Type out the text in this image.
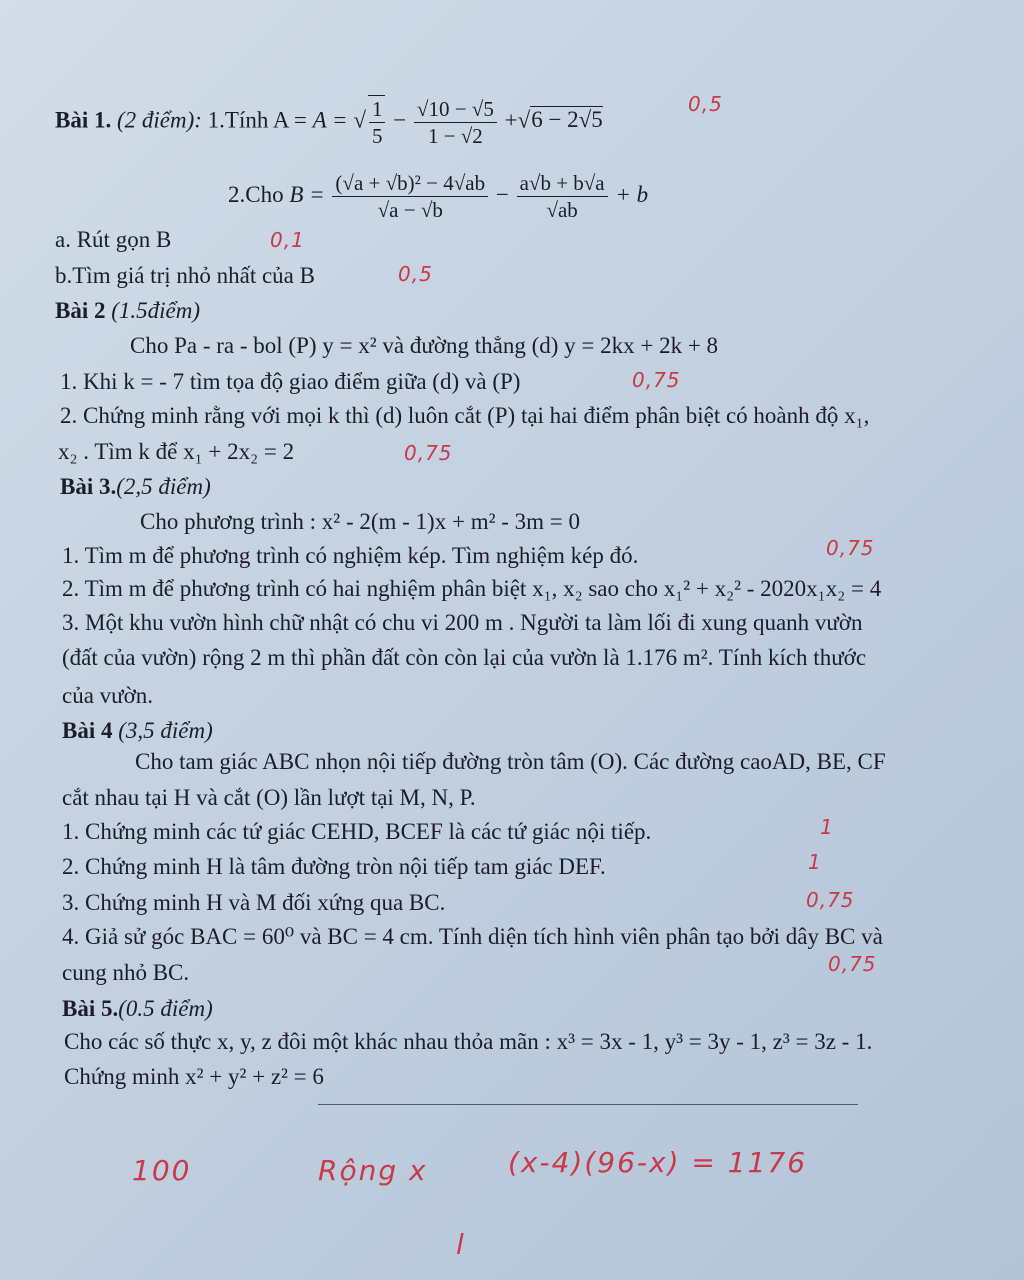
Bài 1. (2 điểm): 1.Tính A = A = √ $\frac{1}{5} - \frac{√10 - √5}{1 - √2} +√6 - 2√5$
2.Cho $B = \frac{\text{(√a + √b)² − 4√ab}}{√a - √b} - \frac{a√b + b√a}{√ab} + b$
a. Rút gọn B
b.Tìm giá trị nhỏ nhất của B
Bài 2 (1.5điểm)
Cho Pa - ra - bol (P) y = x² và đường thẳng (d) y = 2kx + 2k + 8
1. Khi k = - 7 tìm tọa độ giao điểm giữa (d) và (P)
2. Chứng minh rằng với mọi k thì (d) luôn cắt (P) tại hai điểm phân biệt có hoành độ x₁,
x₂ . Tìm k để x₁ + 2x₂ = 2
Bài 3.(2,5 điểm)
Cho phương trình : x² - 2(m - 1)x + m² - 3m = 0
1. Tìm m để phương trình có nghiệm kép. Tìm nghiệm kép đó.
2. Tìm m để phương trình có hai nghiệm phân biệt x₁, x₂ sao cho x₁² + x₂² - 2020x₁x₂ = 4
3. Một khu vườn hình chữ nhật có chu vi 200 m . Người ta làm lối đi xung quanh vườn
(đất của vườn) rộng 2 m thì phần đất còn còn lại của vườn là 1.176 m². Tính kích thước
của vườn.
Bài 4 (3,5 điểm)
Cho tam giác ABC nhọn nội tiếp đường tròn tâm (O). Các đường caoAD, BE, CF
cắt nhau tại H và cắt (O) lần lượt tại M, N, P.
1. Chứng minh các tứ giác CEHD, BCEF là các tứ giác nội tiếp.
2. Chứng minh H là tâm đường tròn nội tiếp tam giác DEF.
3. Chứng minh H và M đối xứng qua BC.
4. Giả sử góc BAC = 60⁰ và BC = 4 cm. Tính diện tích hình viên phân tạo bởi dây BC và
cung nhỏ BC.
Bài 5.(0.5 điểm)
Cho các số thực x, y, z đôi một khác nhau thỏa mãn : x³ = 3x - 1, y³ = 3y - 1, z³ = 3z - 1.
Chứng minh x² + y² + z² = 6
0,5
0,1
0,5
0,75
0,75
0,75
1
1
0,75
0,75
100	Rộng x	(x-4)(96-x) = 1176
l
